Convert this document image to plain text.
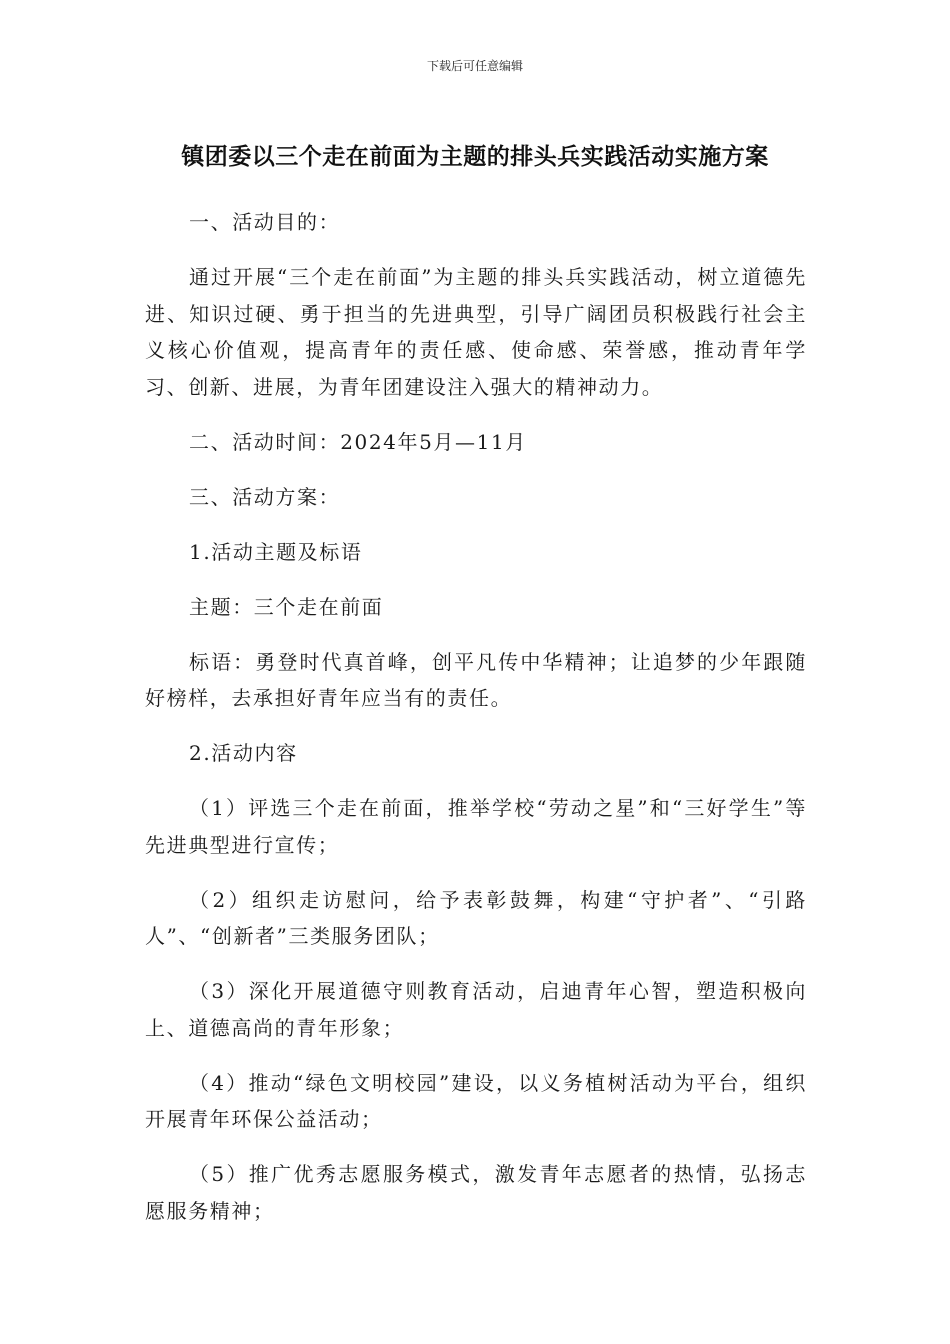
下载后可任意编辑
镇团委以三个走在前面为主题的排头兵实践活动实施方案

一、活动目的：

通过开展“三个走在前面”为主题的排头兵实践活动，树立道德先进、知识过硬、勇于担当的先进典型，引导广阔团员积极践行社会主义核心价值观，提高青年的责任感、使命感、荣誉感，推动青年学习、创新、进展，为青年团建设注入强大的精神动力。

二、活动时间：2024年5月—11月

三、活动方案：

1.活动主题及标语

主题：三个走在前面

标语：勇登时代真首峰，创平凡传中华精神；让追梦的少年跟随好榜样，去承担好青年应当有的责任。

2.活动内容

（1）评选三个走在前面，推举学校“劳动之星”和“三好学生”等先进典型进行宣传；

（2）组织走访慰问，给予表彰鼓舞，构建“守护者”、“引路人”、“创新者”三类服务团队；

（3）深化开展道德守则教育活动，启迪青年心智，塑造积极向上、道德高尚的青年形象；

（4）推动“绿色文明校园”建设，以义务植树活动为平台，组织开展青年环保公益活动；

（5）推广优秀志愿服务模式，激发青年志愿者的热情，弘扬志愿服务精神；
